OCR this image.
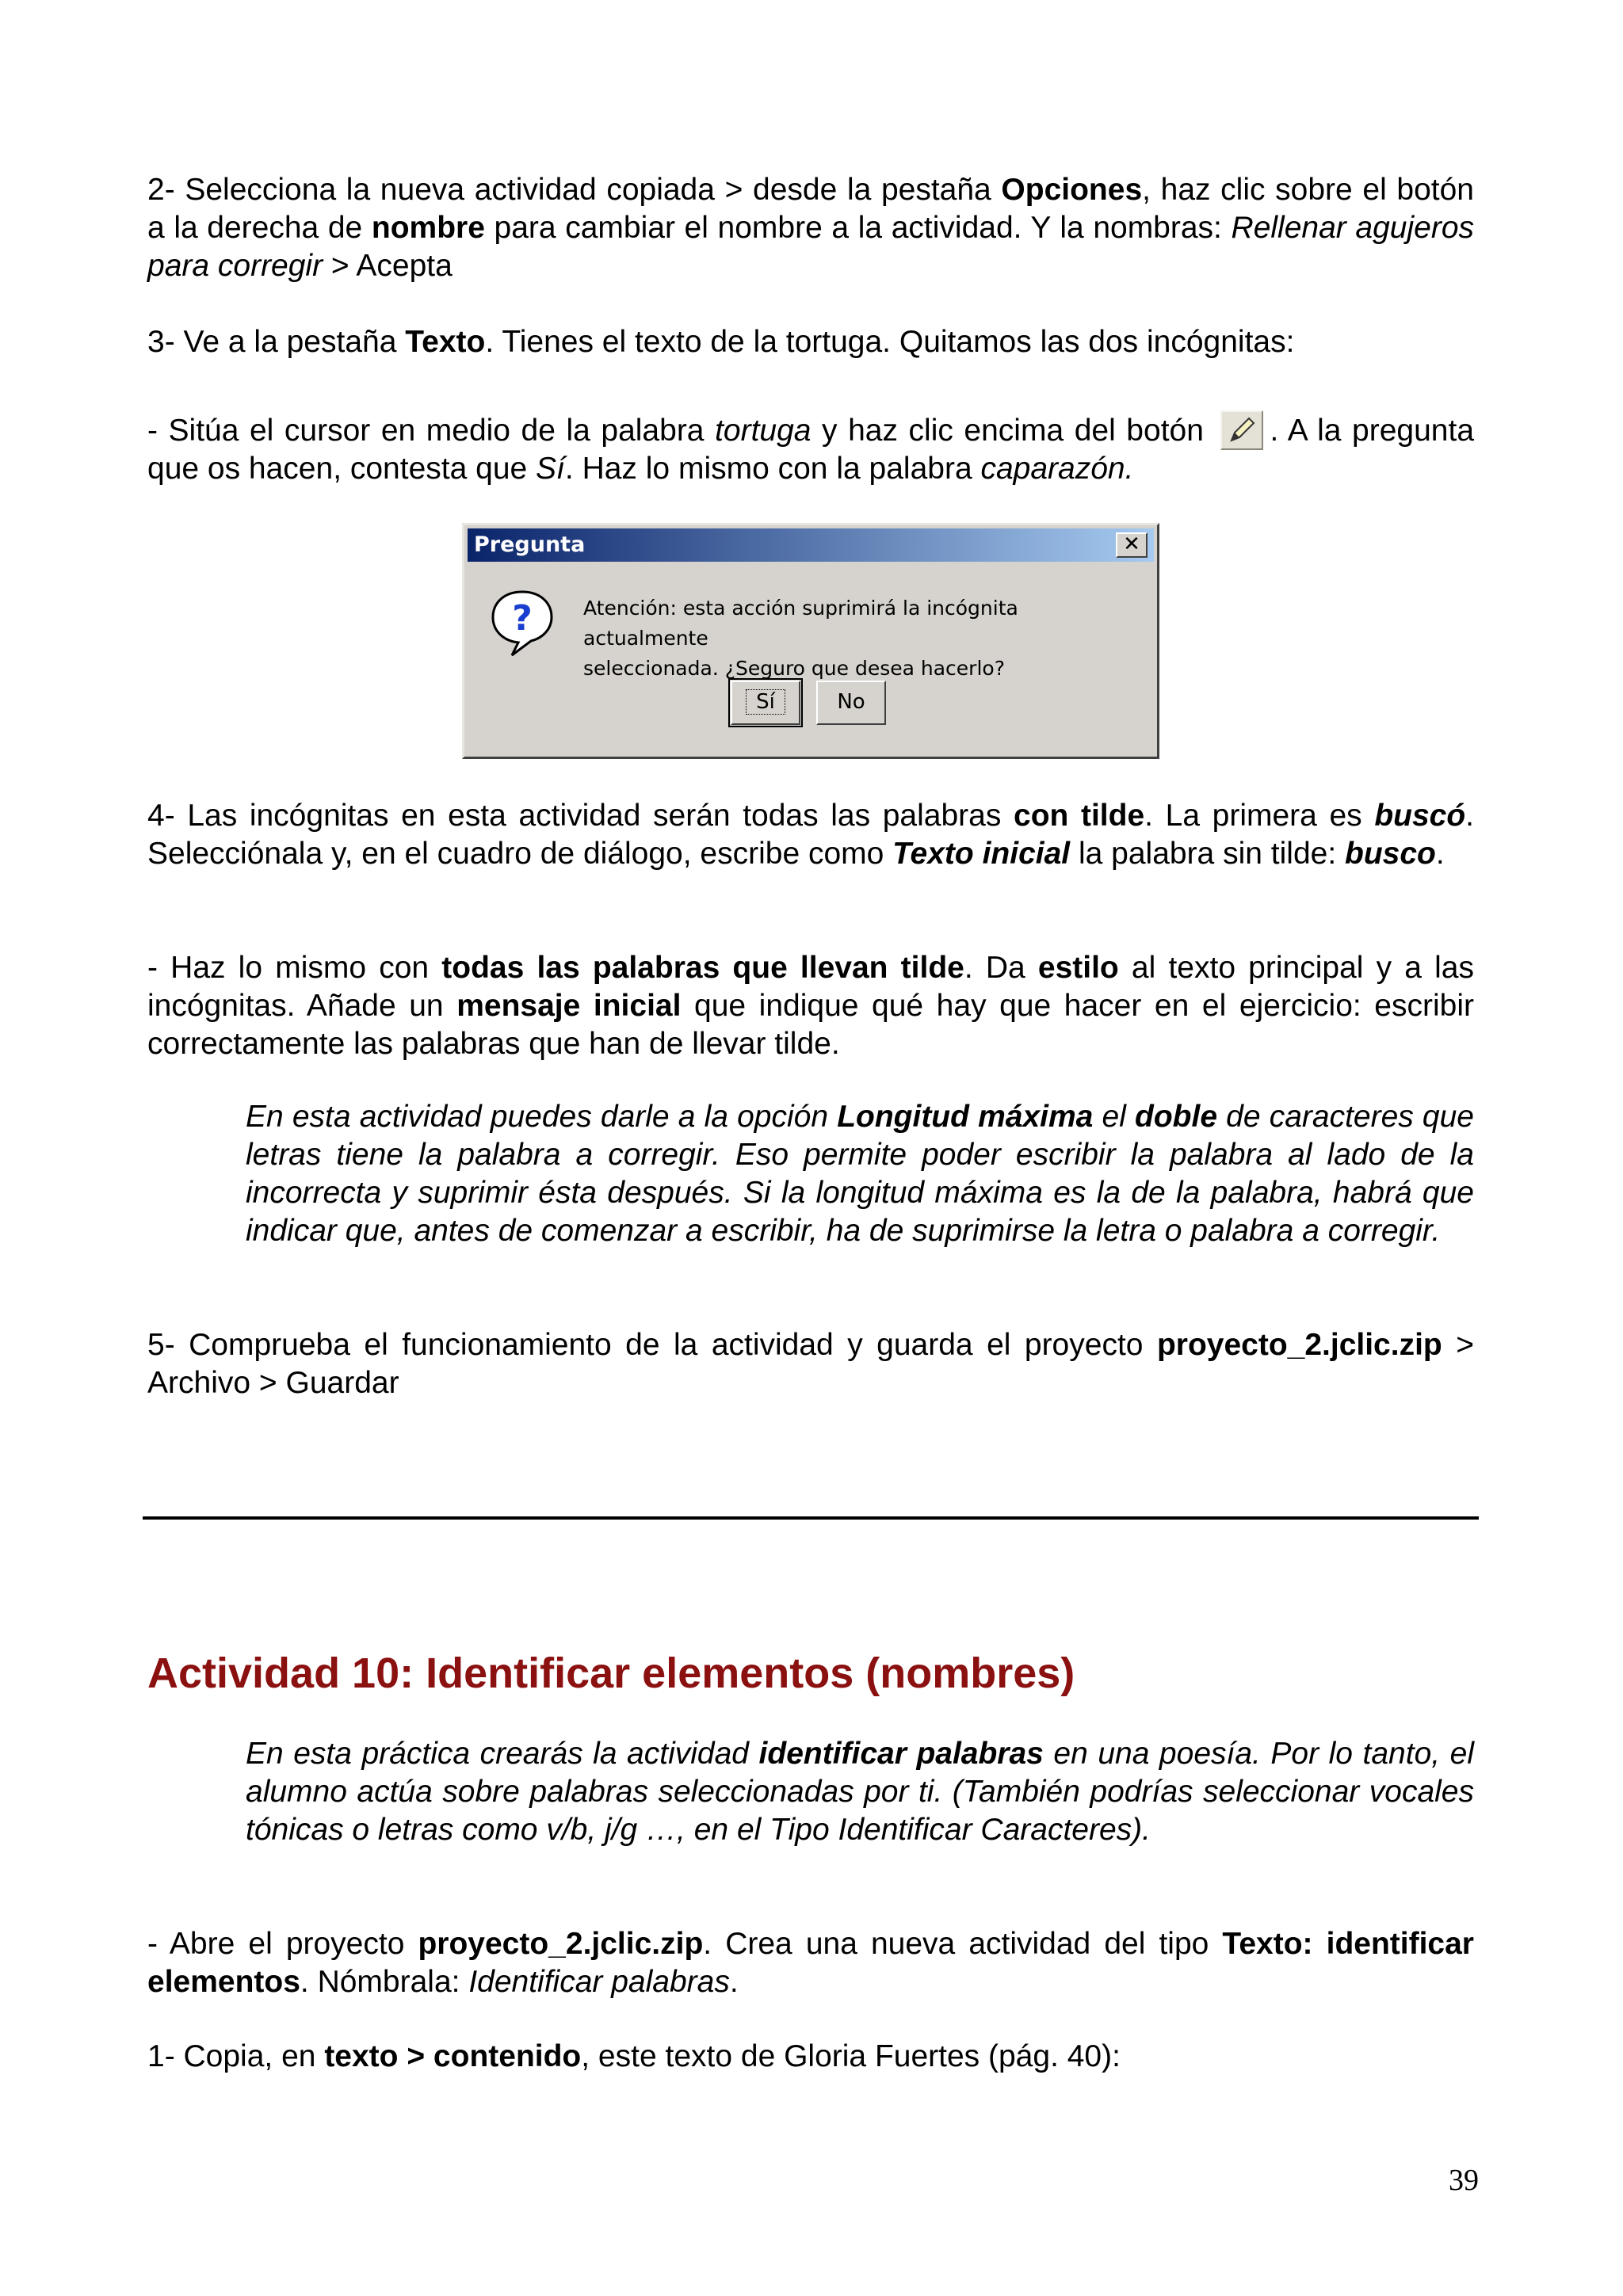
2- Selecciona la nueva actividad copiada > desde la pestaña Opciones, haz clic sobre el botón a la derecha de nombre para cambiar el nombre a la actividad. Y la nombras: Rellenar agujeros para corregir > Acepta

3- Ve a la pestaña Texto. Tienes el texto de la tortuga. Quitamos las dos incógnitas:

- Sitúa el cursor en medio de la palabra tortuga y haz clic encima del botón . A la pregunta que os hacen, contesta que Sí. Haz lo mismo con la palabra caparazón.

Pregunta	✕
?	Atención: esta acción suprimirá la incógnita actualmente
seleccionada. ¿Seguro que desea hacerlo?
Sí	No

4- Las incógnitas en esta actividad serán todas las palabras con tilde. La primera es buscó. Selecciónala y, en el cuadro de diálogo, escribe como Texto inicial la palabra sin tilde: busco.

- Haz lo mismo con todas las palabras que llevan tilde. Da estilo al texto principal y a las incógnitas. Añade un mensaje inicial que indique qué hay que hacer en el ejercicio: escribir correctamente las palabras que han de llevar tilde.

En esta actividad puedes darle a la opción Longitud máxima el doble de caracteres que letras tiene la palabra a corregir. Eso permite poder escribir la palabra al lado de la incorrecta y suprimir ésta después. Si la longitud máxima es la de la palabra, habrá que indicar que, antes de comenzar a escribir, ha de suprimirse la letra o palabra a corregir.

5- Comprueba el funcionamiento de la actividad y guarda el proyecto proyecto_2.jclic.zip > Archivo > Guardar

Actividad 10: Identificar elementos (nombres)

En esta práctica crearás la actividad identificar palabras en una poesía. Por lo tanto, el alumno actúa sobre palabras seleccionadas por ti. (También podrías seleccionar vocales tónicas o letras como v/b, j/g …, en el Tipo Identificar Caracteres).

- Abre el proyecto proyecto_2.jclic.zip. Crea una nueva actividad del tipo Texto: identificar elementos. Nómbrala: Identificar palabras.

1- Copia, en texto > contenido, este texto de Gloria Fuertes (pág. 40):

39
